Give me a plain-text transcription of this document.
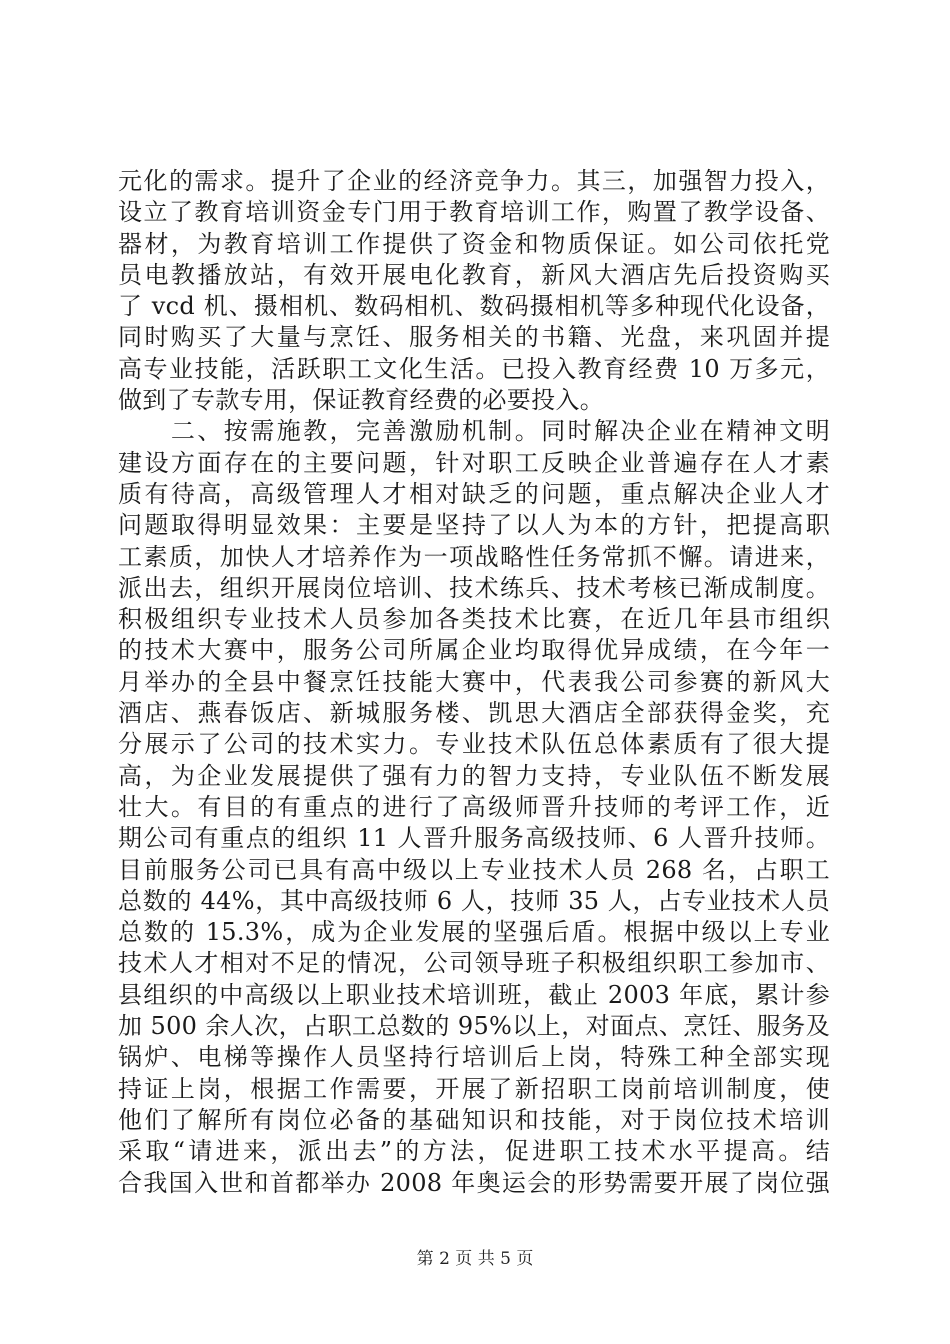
元化的需求。提升了企业的经济竞争力。其三，加强智力投入，
设立了教育培训资金专门用于教育培训工作，购置了教学设备、
器材，为教育培训工作提供了资金和物质保证。如公司依托党
员电教播放站，有效开展电化教育，新风大酒店先后投资购买
了 vcd 机、摄相机、数码相机、数码摄相机等多种现代化设备，
同时购买了大量与烹饪、服务相关的书籍、光盘，来巩固并提
高专业技能，活跃职工文化生活。已投入教育经费 10 万多元，
做到了专款专用，保证教育经费的必要投入。
　　二、按需施教，完善激励机制。同时解决企业在精神文明
建设方面存在的主要问题，针对职工反映企业普遍存在人才素
质有待高，高级管理人才相对缺乏的问题，重点解决企业人才
问题取得明显效果：主要是坚持了以人为本的方针，把提高职
工素质，加快人才培养作为一项战略性任务常抓不懈。请进来，
派出去，组织开展岗位培训、技术练兵、技术考核已渐成制度。
积极组织专业技术人员参加各类技术比赛，在近几年县市组织
的技术大赛中，服务公司所属企业均取得优异成绩，在今年一
月举办的全县中餐烹饪技能大赛中，代表我公司参赛的新风大
酒店、燕春饭店、新城服务楼、凯思大酒店全部获得金奖，充
分展示了公司的技术实力。专业技术队伍总体素质有了很大提
高，为企业发展提供了强有力的智力支持，专业队伍不断发展
壮大。有目的有重点的进行了高级师晋升技师的考评工作，近
期公司有重点的组织 11 人晋升服务高级技师、6 人晋升技师。
目前服务公司已具有高中级以上专业技术人员 268 名，占职工
总数的 44%，其中高级技师 6 人，技师 35 人，占专业技术人员
总数的 15.3%，成为企业发展的坚强后盾。根据中级以上专业
技术人才相对不足的情况，公司领导班子积极组织职工参加市、
县组织的中高级以上职业技术培训班，截止 2003 年底，累计参
加 500 余人次，占职工总数的 95%以上，对面点、烹饪、服务及
锅炉、电梯等操作人员坚持行培训后上岗，特殊工种全部实现
持证上岗，根据工作需要，开展了新招职工岗前培训制度，使
他们了解所有岗位必备的基础知识和技能，对于岗位技术培训
采取“请进来，派出去”的方法，促进职工技术水平提高。结
合我国入世和首都举办 2008 年奥运会的形势需要开展了岗位强
第 2 页 共 5 页
